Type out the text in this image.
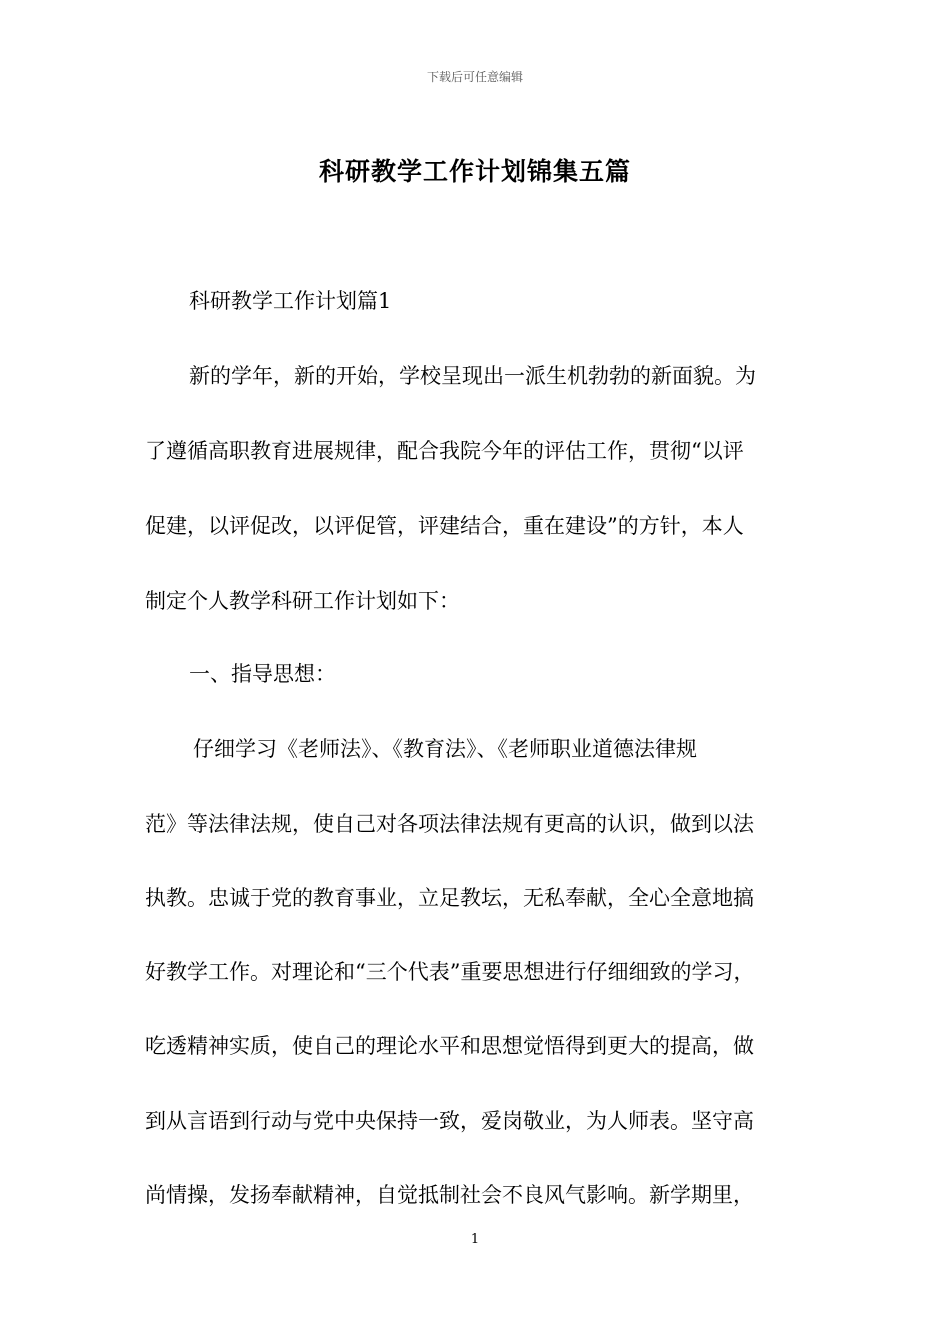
下载后可任意编辑
科研教学工作计划锦集五篇
科研教学工作计划篇1
新的学年，新的开始，学校呈现出一派生机勃勃的新面貌。为
了遵循高职教育进展规律，配合我院今年的评估工作，贯彻“以评
促建，以评促改，以评促管，评建结合，重在建设”的方针，本人
制定个人教学科研工作计划如下：
一、指导思想：
仔细学习《老师法》、《教育法》、《老师职业道德法律规
范》等法律法规，使自己对各项法律法规有更高的认识，做到以法
执教。忠诚于党的教育事业，立足教坛，无私奉献，全心全意地搞
好教学工作。对理论和“三个代表”重要思想进行仔细细致的学习，
吃透精神实质，使自己的理论水平和思想觉悟得到更大的提高，做
到从言语到行动与党中央保持一致，爱岗敬业，为人师表。坚守高
尚情操，发扬奉献精神，自觉抵制社会不良风气影响。新学期里，
1
